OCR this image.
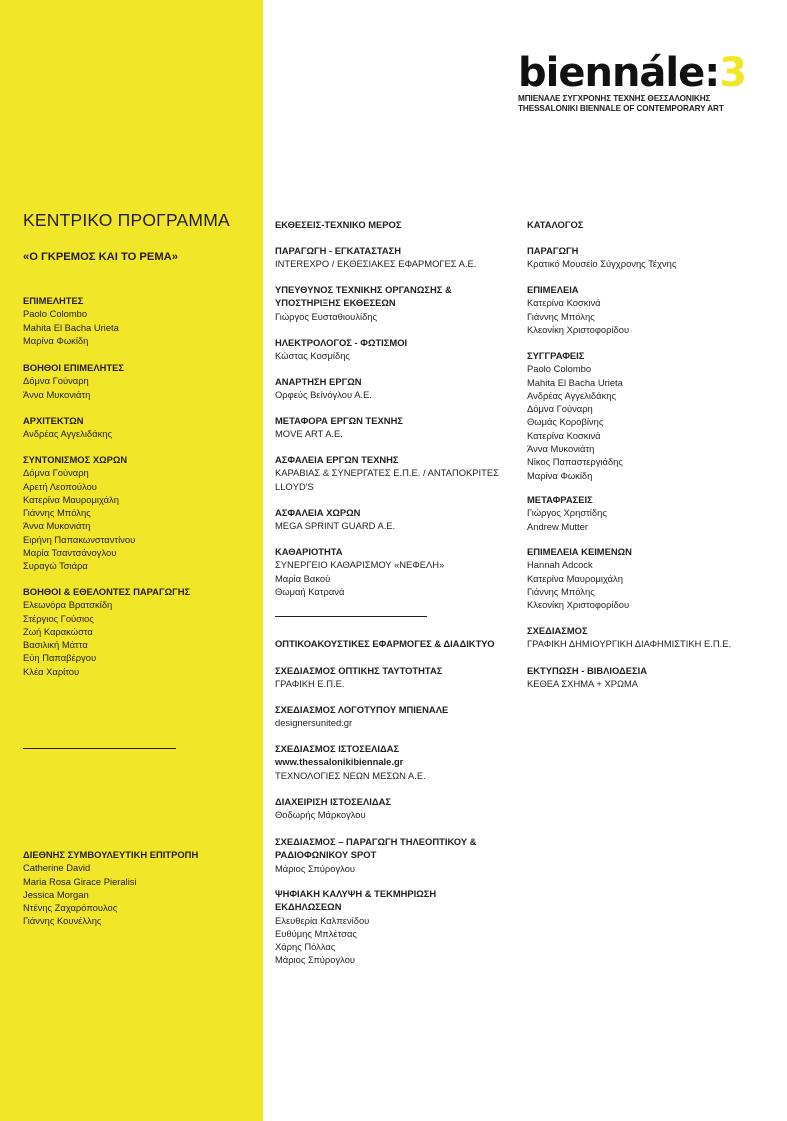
biennále:3
ΜΠΙΕΝΑΛΕ ΣΥΓΧΡΟΝΗΣ ΤΕΧΝΗΣ ΘΕΣΣΑΛΟΝΙΚΗΣ
THESSALONIKI BIENNALE OF CONTEMPORARY ART
ΚΕΝΤΡΙΚΟ ΠΡΟΓΡΑΜΜΑ
«Ο ΓΚΡΕΜΟΣ ΚΑΙ ΤΟ ΡΕΜΑ»
ΕΠΙΜΕΛΗΤΕΣ
Paolo Colombo
Mahita El Bacha Urieta
Μαρίνα Φωκίδη
ΒΟΗΘΟΙ ΕΠΙΜΕΛΗΤΕΣ
Δόμνα Γούναρη
Άννα Μυκονιάτη
ΑΡΧΙΤΕΚΤΩΝ
Ανδρέας Αγγελιδάκης
ΣΥΝΤΟΝΙΣΜΟΣ ΧΩΡΩΝ
Δόμνα Γούναρη
Αρετή Λεοπούλου
Κατερίνα Μαυρομιχάλη
Γιάννης Μπόλης
Άννα Μυκονιάτη
Ειρήνη Παπακωνσταντίνου
Μαρία Τσαντσάνογλου
Συραγώ Τσιάρα
ΒΟΗΘΟΙ & ΕΘΕΛΟΝΤΕΣ ΠΑΡΑΓΩΓΗΣ
Ελεωνόρα Βρατσκίδη
Στέργιος Γούσιος
Ζωή Καρακώστα
Βασιλική Μάττα
Εύη Παπαβέργου
Κλέα Χαρίτου
ΔΙΕΘΝΗΣ ΣΥΜΒΟΥΛΕΥΤΙΚΗ ΕΠΙΤΡΟΠΗ
Catherine David
Maria Rosa Girace Pieralisi
Jessica Morgan
Ντένης Ζαχαρόπουλος
Γιάννης Κουνέλλης
ΕΚΘΕΣΕΙΣ-ΤΕΧΝΙΚΟ ΜΕΡΟΣ
ΠΑΡΑΓΩΓΗ - ΕΓΚΑΤΑΣΤΑΣΗ
INTEREXPO / ΕΚΘΕΣΙΑΚΕΣ ΕΦΑΡΜΟΓΕΣ Α.Ε.
ΥΠΕΥΘΥΝΟΣ ΤΕΧΝΙΚΗΣ ΟΡΓΑΝΩΣΗΣ &
ΥΠΟΣΤΗΡΙΞΗΣ ΕΚΘΕΣΕΩΝ
Γιώργος Ευσταθιουλίδης
ΗΛΕΚΤΡΟΛΟΓΟΣ - ΦΩΤΙΣΜΟΙ
Κώστας Κοσμίδης
ΑΝΑΡΤΗΣΗ ΕΡΓΩΝ
Ορφεύς Βείνόγλου Α.Ε.
ΜΕΤΑΦΟΡΑ ΕΡΓΩΝ ΤΕΧΝΗΣ
MOVE ART A.E.
ΑΣΦΑΛΕΙΑ ΕΡΓΩΝ ΤΕΧΝΗΣ
ΚΑΡΑΒΙΑΣ & ΣΥΝΕΡΓΑΤΕΣ Ε.Π.Ε. / ΑΝΤΑΠΟΚΡΙΤΕΣ
LLOYD'S
ΑΣΦΑΛΕΙΑ ΧΩΡΩΝ
MEGA SPRINT GUARD A.E.
ΚΑΘΑΡΙΟΤΗΤΑ
ΣΥΝΕΡΓΕΙΟ ΚΑΘΑΡΙΣΜΟΥ «ΝΕΦΕΛΗ»
Μαρία Βακού
Θωμαή Κατρανά
ΟΠΤΙΚΟΑΚΟΥΣΤΙΚΕΣ ΕΦΑΡΜΟΓΕΣ & ΔΙΑΔΙΚΤΥΟ
ΣΧΕΔΙΑΣΜΟΣ ΟΠΤΙΚΗΣ ΤΑΥΤΟΤΗΤΑΣ
ΓΡΑΦΙΚΗ Ε.Π.Ε.
ΣΧΕΔΙΑΣΜΟΣ ΛΟΓΟΤΥΠΟΥ ΜΠΙΕΝΑΛΕ
designersunited.gr
ΣΧΕΔΙΑΣΜΟΣ ΙΣΤΟΣΕΛΙΔΑΣ
www.thessalonikibiennale.gr
ΤΕΧΝΟΛΟΓΙΕΣ ΝΕΩΝ ΜΕΣΩΝ Α.Ε.
ΔΙΑΧΕΙΡΙΣΗ ΙΣΤΟΣΕΛΙΔΑΣ
Θοδωρής Μάρκογλου
ΣΧΕΔΙΑΣΜΟΣ – ΠΑΡΑΓΩΓΗ ΤΗΛΕΟΠΤΙΚΟΥ &
ΡΑΔΙΟΦΩΝΙΚΟΥ SPOT
Μάριος Σπύρογλου
ΨΗΦΙΑΚΗ ΚΑΛΥΨΗ & ΤΕΚΜΗΡΙΩΣΗ
ΕΚΔΗΛΩΣΕΩΝ
Ελευθερία Καλπενίδου
Ευθύμης Μπλέτσας
Χάρης Πόλλας
Μάριος Σπύρογλου
ΚΑΤΑΛΟΓΟΣ
ΠΑΡΑΓΩΓΗ
Κρατικό Μουσείο Σύγχρονης Τέχνης
ΕΠΙΜΕΛΕΙΑ
Κατερίνα Κοσκινά
Γιάννης Μπόλης
Κλεονίκη Χριστοφορίδου
ΣΥΓΓΡΑΦΕΙΣ
Paolo Colombo
Mahita El Bacha Urieta
Ανδρέας Αγγελιδάκης
Δόμνα Γούναρη
Θωμάς Κοροβίνης
Κατερίνα Κοσκινά
Άννα Μυκονιάτη
Νίκος Παπαστεργιάδης
Μαρίνα Φωκίδη
ΜΕΤΑΦΡΑΣΕΙΣ
Γιώργος Χρηστίδης
Andrew Mutter
ΕΠΙΜΕΛΕΙΑ ΚΕΙΜΕΝΩΝ
Hannah Adcock
Κατερίνα Μαυρομιχάλη
Γιάννης Μπόλης
Κλεονίκη Χριστοφορίδου
ΣΧΕΔΙΑΣΜΟΣ
ΓΡΑΦΙΚΗ ΔΗΜΙΟΥΡΓΙΚΗ ΔΙΑΦΗΜΙΣΤΙΚΗ Ε.Π.Ε.
ΕΚΤΥΠΩΣΗ - ΒΙΒΛΙΟΔΕΣΙΑ
ΚΕΘΕΑ ΣΧΗΜΑ + ΧΡΩΜΑ
